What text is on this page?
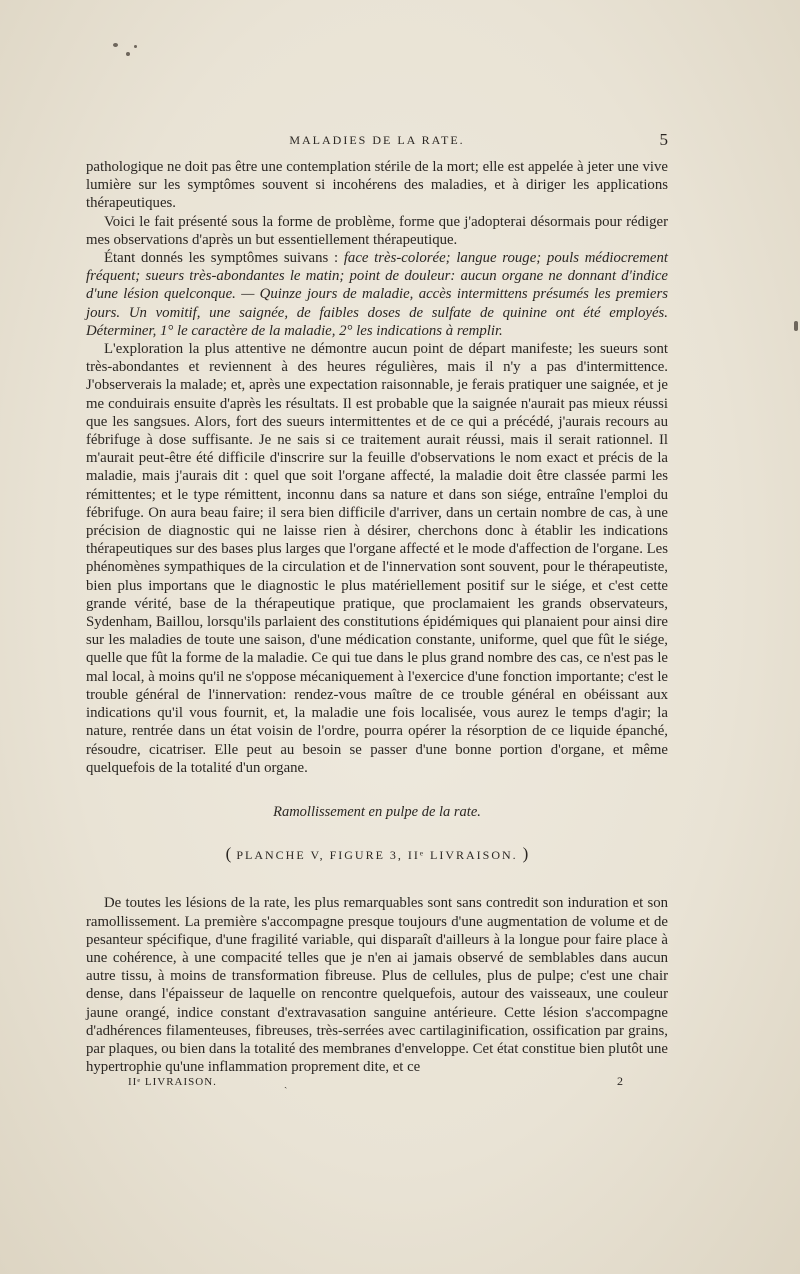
MALADIES DE LA RATE.	5

pathologique ne doit pas être une contemplation stérile de la mort; elle est appelée à jeter une vive lumière sur les symptômes souvent si incohérens des maladies, et à diriger les applications thérapeutiques.

Voici le fait présenté sous la forme de problème, forme que j'adopterai désormais pour rédiger mes observations d'après un but essentiellement thérapeutique.

Étant donnés les symptômes suivans : face très-colorée; langue rouge; pouls médiocrement fréquent; sueurs très-abondantes le matin; point de douleur: aucun organe ne donnant d'indice d'une lésion quelconque. — Quinze jours de maladie, accès intermittens présumés les premiers jours. Un vomitif, une saignée, de faibles doses de sulfate de quinine ont été employés. Déterminer, 1° le caractère de la maladie, 2° les indications à remplir.

L'exploration la plus attentive ne démontre aucun point de départ manifeste; les sueurs sont très-abondantes et reviennent à des heures régulières, mais il n'y a pas d'intermittence. J'observerais la malade; et, après une expectation raisonnable, je ferais pratiquer une saignée, et je me conduirais ensuite d'après les résultats. Il est probable que la saignée n'aurait pas mieux réussi que les sangsues. Alors, fort des sueurs intermittentes et de ce qui a précédé, j'aurais recours au fébrifuge à dose suffisante. Je ne sais si ce traitement aurait réussi, mais il serait rationnel. Il m'aurait peut-être été difficile d'inscrire sur la feuille d'observations le nom exact et précis de la maladie, mais j'aurais dit : quel que soit l'organe affecté, la maladie doit être classée parmi les rémittentes; et le type rémittent, inconnu dans sa nature et dans son siége, entraîne l'emploi du fébrifuge. On aura beau faire; il sera bien difficile d'arriver, dans un certain nombre de cas, à une précision de diagnostic qui ne laisse rien à désirer, cherchons donc à établir les indications thérapeutiques sur des bases plus larges que l'organe affecté et le mode d'affection de l'organe. Les phénomènes sympathiques de la circulation et de l'innervation sont souvent, pour le thérapeutiste, bien plus importans que le diagnostic le plus matériellement positif sur le siége, et c'est cette grande vérité, base de la thérapeutique pratique, que proclamaient les grands observateurs, Sydenham, Baillou, lorsqu'ils parlaient des constitutions épidémiques qui planaient pour ainsi dire sur les maladies de toute une saison, d'une médication constante, uniforme, quel que fût le siége, quelle que fût la forme de la maladie. Ce qui tue dans le plus grand nombre des cas, ce n'est pas le mal local, à moins qu'il ne s'oppose mécaniquement à l'exercice d'une fonction importante; c'est le trouble général de l'innervation: rendez-vous maître de ce trouble général en obéissant aux indications qu'il vous fournit, et, la maladie une fois localisée, vous aurez le temps d'agir; la nature, rentrée dans un état voisin de l'ordre, pourra opérer la résorption de ce liquide épanché, résoudre, cicatriser. Elle peut au besoin se passer d'une bonne portion d'organe, et même quelquefois de la totalité d'un organe.

Ramollissement en pulpe de la rate.
( PLANCHE V, FIGURE 3, IIᵉ LIVRAISON. )

De toutes les lésions de la rate, les plus remarquables sont sans contredit son induration et son ramollissement. La première s'accompagne presque toujours d'une augmentation de volume et de pesanteur spécifique, d'une fragilité variable, qui disparaît d'ailleurs à la longue pour faire place à une cohérence, à une compacité telles que je n'en ai jamais observé de semblables dans aucun autre tissu, à moins de transformation fibreuse. Plus de cellules, plus de pulpe; c'est une chair dense, dans l'épaisseur de laquelle on rencontre quelquefois, autour des vaisseaux, une couleur jaune orangé, indice constant d'extravasation sanguine antérieure. Cette lésion s'accompagne d'adhérences filamenteuses, fibreuses, très-serrées avec cartilaginification, ossification par grains, par plaques, ou bien dans la totalité des membranes d'enveloppe. Cet état constitue bien plutôt une hypertrophie qu'une inflammation proprement dite, et ce

IIᵉ LIVRAISON.	ˎ	2
